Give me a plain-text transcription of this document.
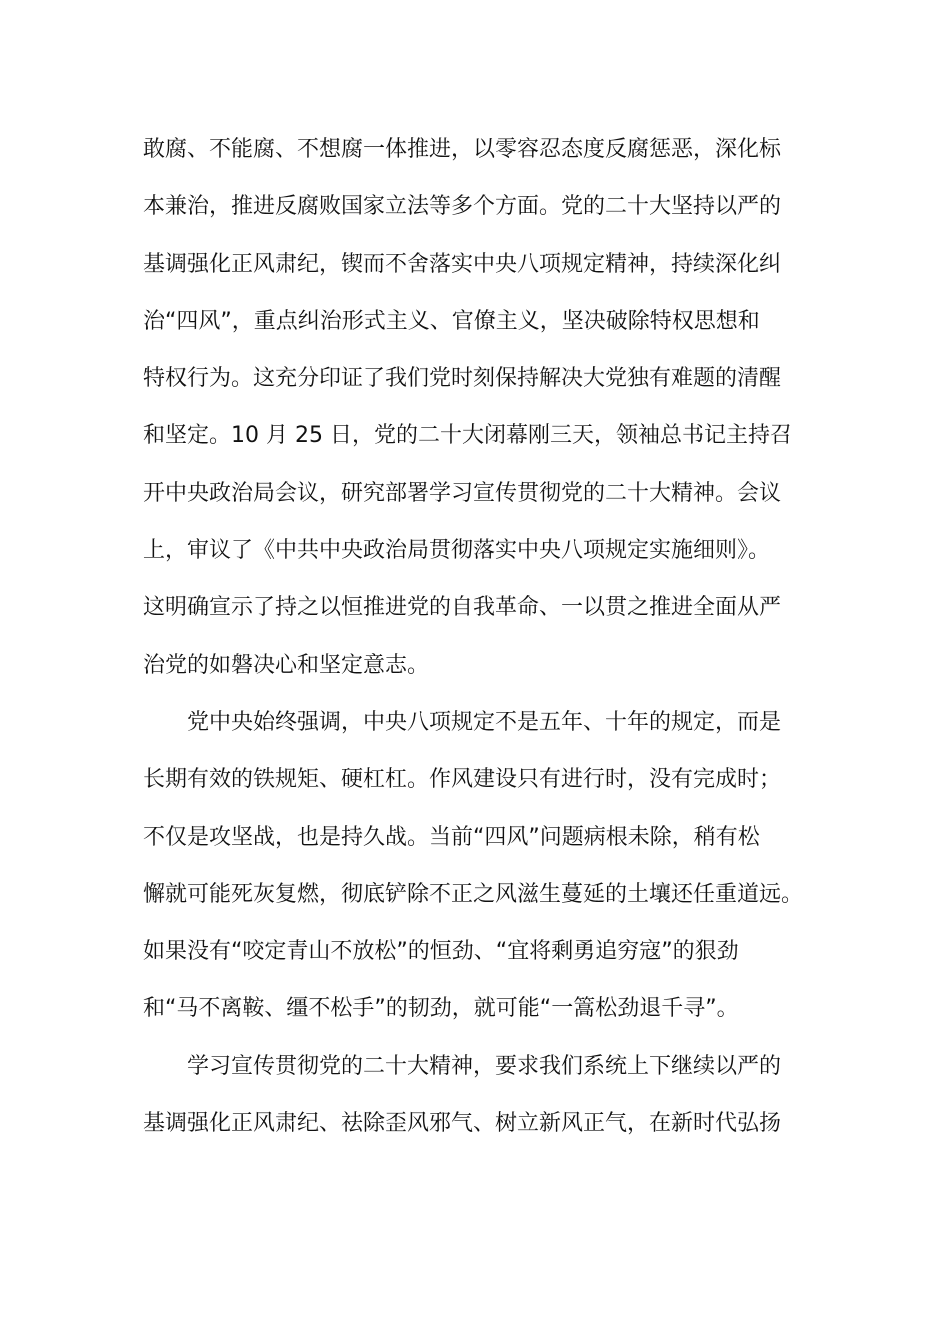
敢腐、不能腐、不想腐一体推进，以零容忍态度反腐惩恶，深化标
本兼治，推进反腐败国家立法等多个方面。党的二十大坚持以严的
基调强化正风肃纪，锲而不舍落实中央八项规定精神，持续深化纠
治“四风”，重点纠治形式主义、官僚主义，坚决破除特权思想和
特权行为。这充分印证了我们党时刻保持解决大党独有难题的清醒
和坚定。10 月 25 日，党的二十大闭幕刚三天，领袖总书记主持召
开中央政治局会议，研究部署学习宣传贯彻党的二十大精神。会议
上，审议了《中共中央政治局贯彻落实中央八项规定实施细则》。
这明确宣示了持之以恒推进党的自我革命、一以贯之推进全面从严
治党的如磐决心和坚定意志。
党中央始终强调，中央八项规定不是五年、十年的规定，而是
长期有效的铁规矩、硬杠杠。作风建设只有进行时，没有完成时；
不仅是攻坚战，也是持久战。当前“四风”问题病根未除，稍有松
懈就可能死灰复燃，彻底铲除不正之风滋生蔓延的土壤还任重道远。
如果没有“咬定青山不放松”的恒劲、“宜将剩勇追穷寇”的狠劲
和“马不离鞍、缰不松手”的韧劲，就可能“一篙松劲退千寻”。
学习宣传贯彻党的二十大精神，要求我们系统上下继续以严的
基调强化正风肃纪、祛除歪风邪气、树立新风正气，在新时代弘扬
